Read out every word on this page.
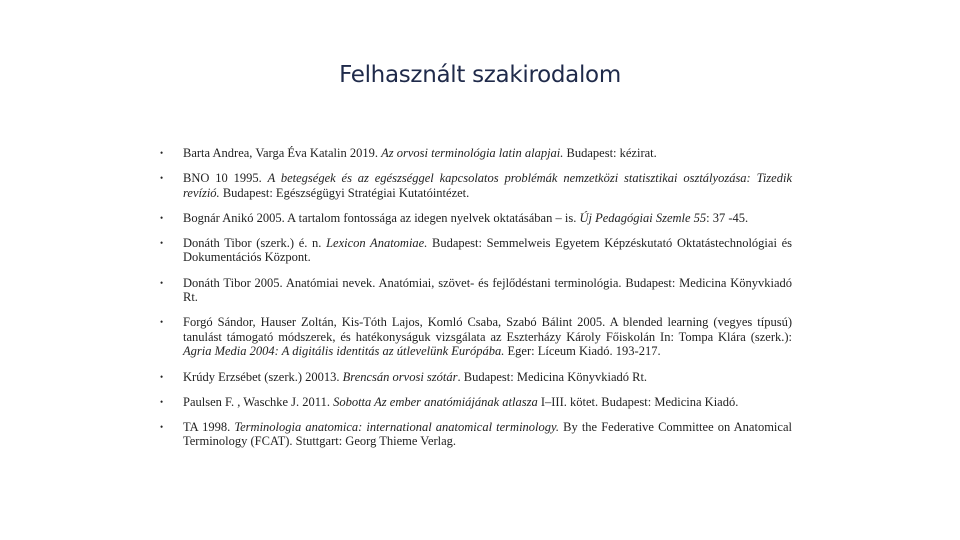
Felhasznált szakirodalom
• Barta Andrea, Varga Éva Katalin 2019. Az orvosi terminológia latin alapjai. Budapest: kézirat.
• BNO 10 1995. A betegségek és az egészséggel kapcsolatos problémák nemzetközi statisztikai osztályozása: Tizedik revízió. Budapest: Egészségügyi Stratégiai Kutatóintézet.
• Bognár Anikó 2005. A tartalom fontossága az idegen nyelvek oktatásában – is. Új Pedagógiai Szemle 55: 37 -45.
• Donáth Tibor (szerk.) é. n. Lexicon Anatomiae. Budapest: Semmelweis Egyetem Képzéskutató Oktatástechnológiai és Dokumentációs Központ.
• Donáth Tibor 2005. Anatómiai nevek. Anatómiai, szövet- és fejlődéstani terminológia. Budapest: Medicina Könyvkiadó Rt.
• Forgó Sándor, Hauser Zoltán, Kis-Tóth Lajos, Komló Csaba, Szabó Bálint 2005. A blended learning (vegyes típusú) tanulást támogató módszerek, és hatékonyságuk vizsgálata az Eszterházy Károly Főiskolán In: Tompa Klára (szerk.): Agria Media 2004: A digitális identitás az útlevelünk Európába. Eger: Líceum Kiadó. 193-217.
• Krúdy Erzsébet (szerk.) 20013. Brencsán orvosi szótár. Budapest: Medicina Könyvkiadó Rt.
• Paulsen F. , Waschke J. 2011. Sobotta Az ember anatómiájának atlasza I–III. kötet. Budapest: Medicina Kiadó.
• TA 1998. Terminologia anatomica: international anatomical terminology. By the Federative Committee on Anatomical Terminology (FCAT). Stuttgart: Georg Thieme Verlag.
